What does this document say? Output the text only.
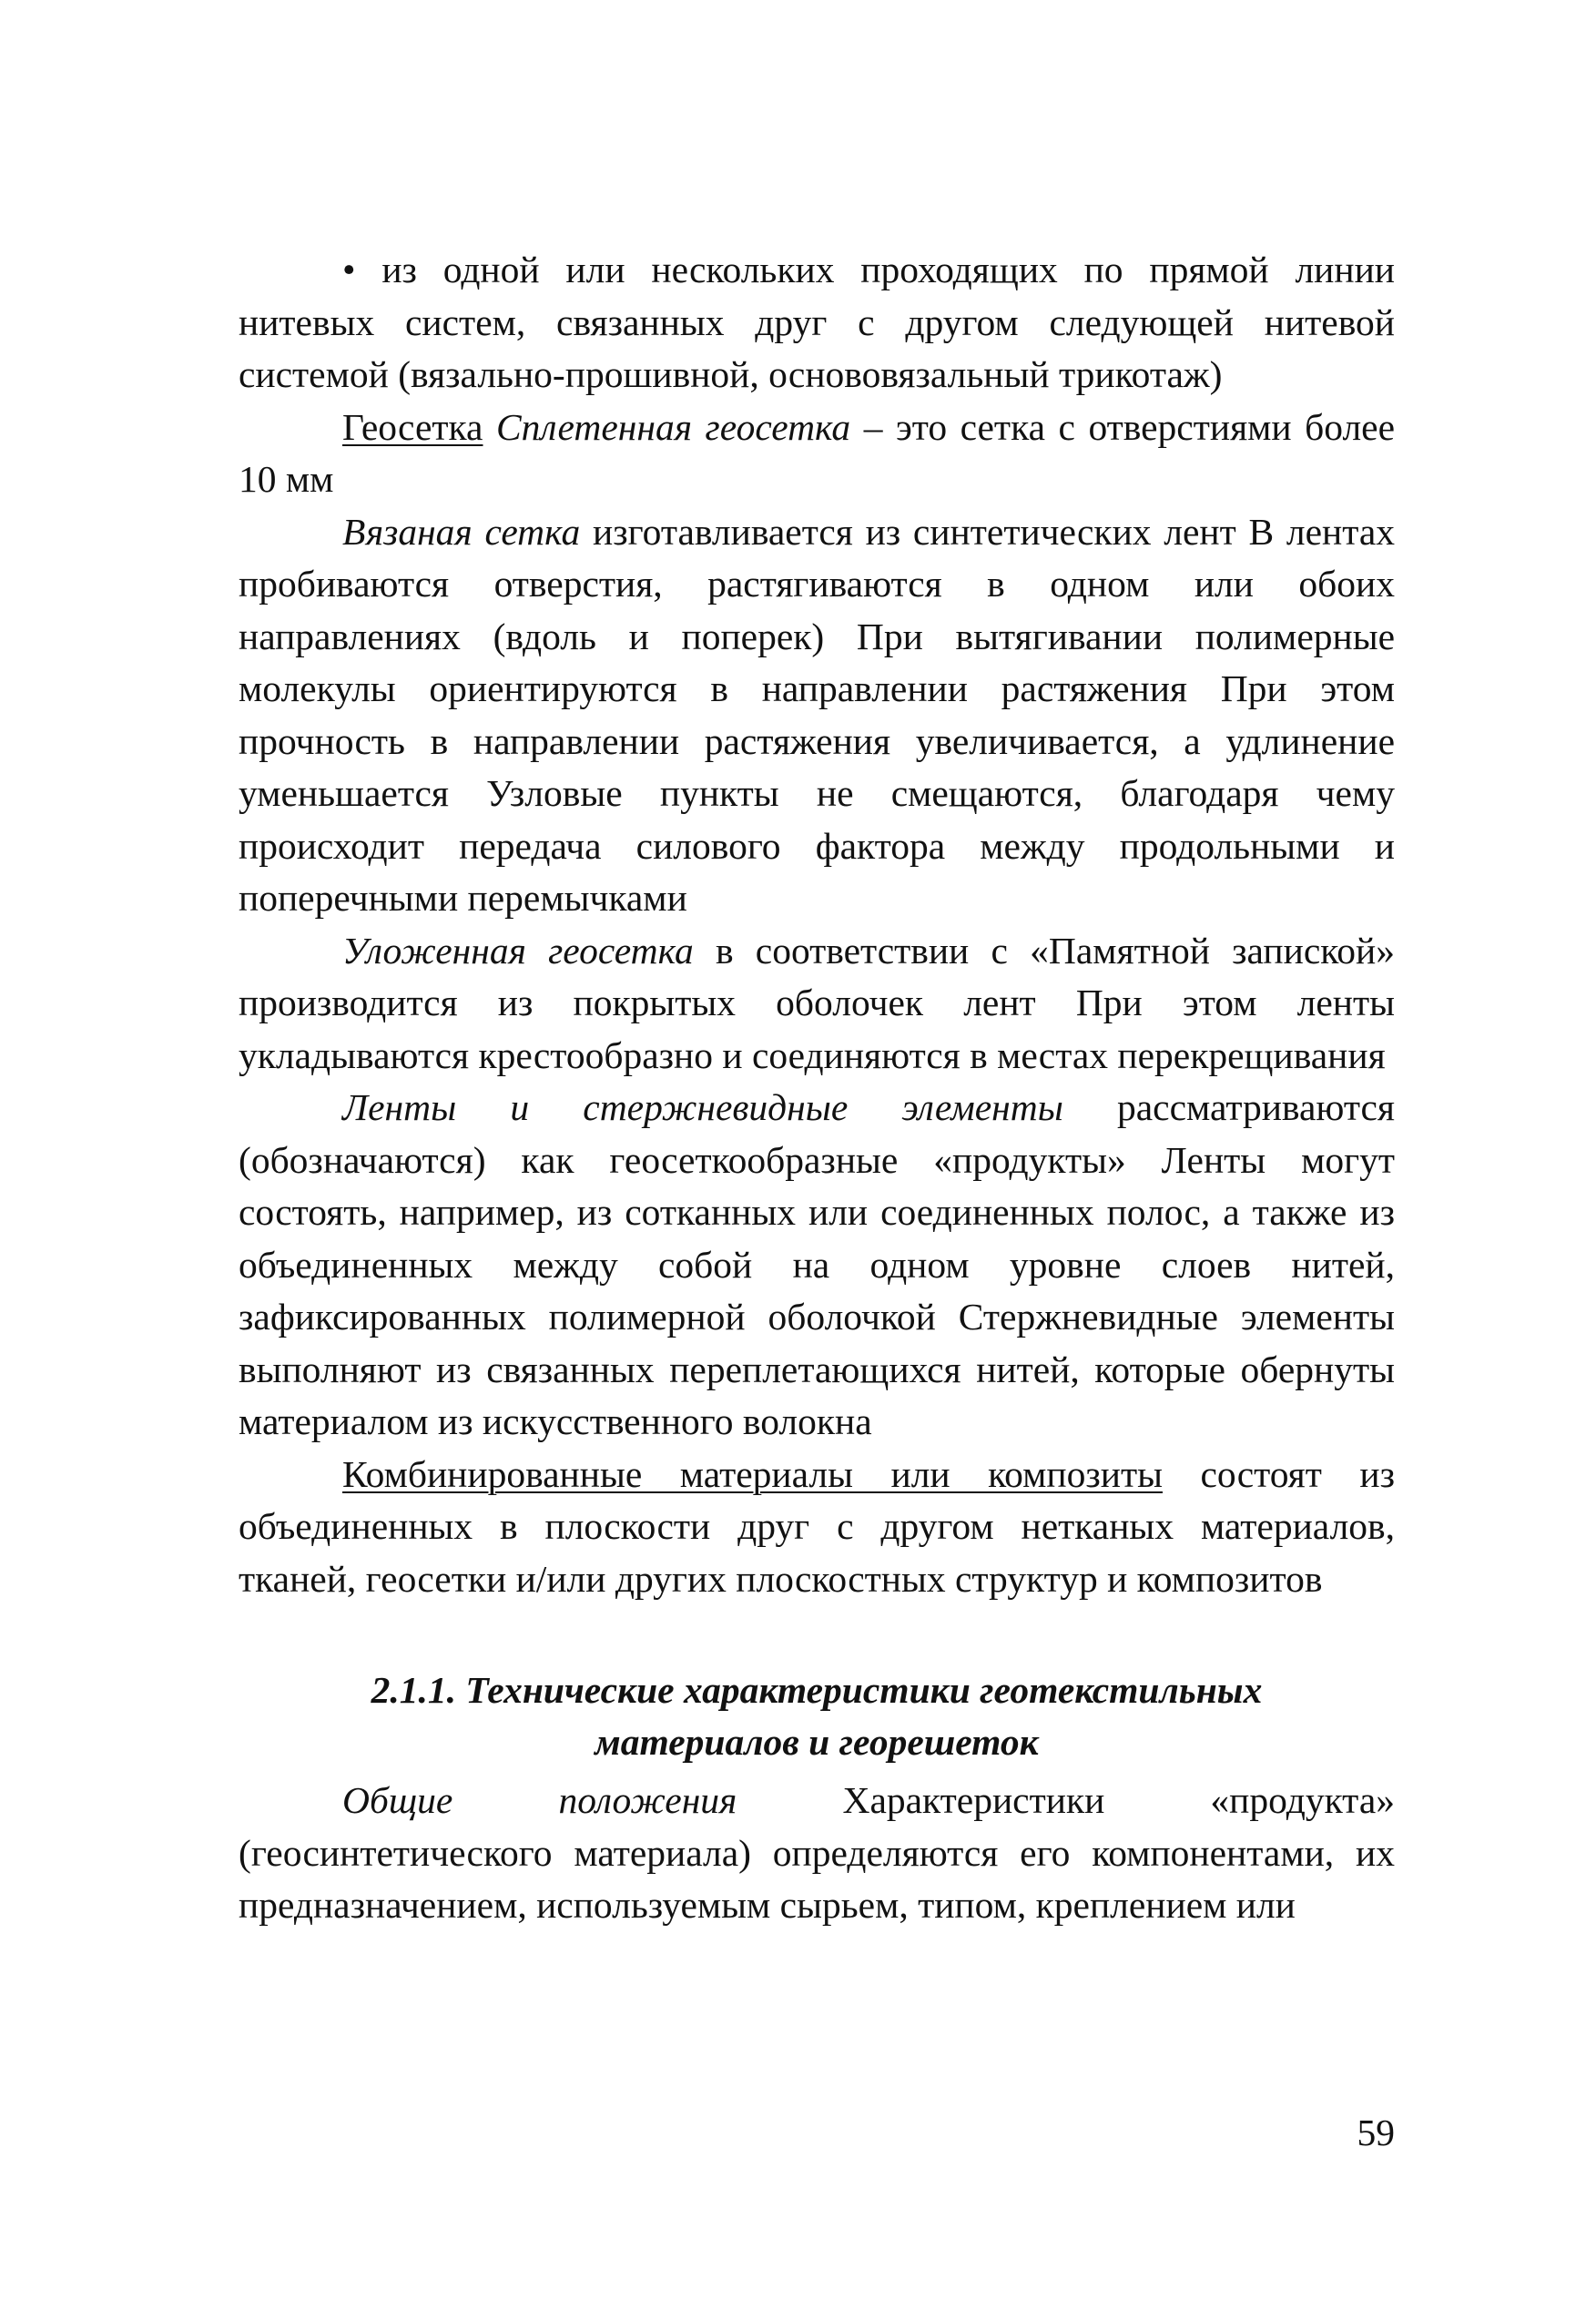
• из одной или нескольких проходящих по прямой линии нитевых систем, связанных друг с другом следующей нитевой системой (вязально-прошивной, основовязальный трикотаж)

Геосетка Сплетенная геосетка – это сетка с отверстиями более 10 мм

Вязаная сетка изготавливается из синтетических лент В лентах пробиваются отверстия, растягиваются в одном или обоих направлениях (вдоль и поперек) При вытягивании полимерные молекулы ориентируются в направлении растяжения При этом прочность в направлении растяжения увеличивается, а удлинение уменьшается Узловые пункты не смещаются, благодаря чему происходит передача силового фактора между продольными и поперечными перемычками

Уложенная геосетка в соответствии с «Памятной запиской» производится из покрытых оболочек лент При этом ленты укладываются крестообразно и соединяются в местах перекрещивания

Ленты и стержневидные элементы рассматриваются (обозначаются) как геосеткообразные «продукты» Ленты могут состоять, например, из сотканных или соединенных полос, а также из объединенных между собой на одном уровне слоев нитей, зафиксированных полимерной оболочкой Стержневидные элементы выполняют из связанных переплетающихся нитей, которые обернуты материалом из искусственного волокна

Комбинированные материалы или композиты состоят из объединенных в плоскости друг с другом нетканых материалов, тканей, геосетки и/или других плоскостных структур и композитов

2.1.1. Технические характеристики геотекстильных
материалов и георешеток

Общие положения Характеристики «продукта» (геосинтетического материала) определяются его компонентами, их предназначением, используемым сырьем, типом, креплением или

59
